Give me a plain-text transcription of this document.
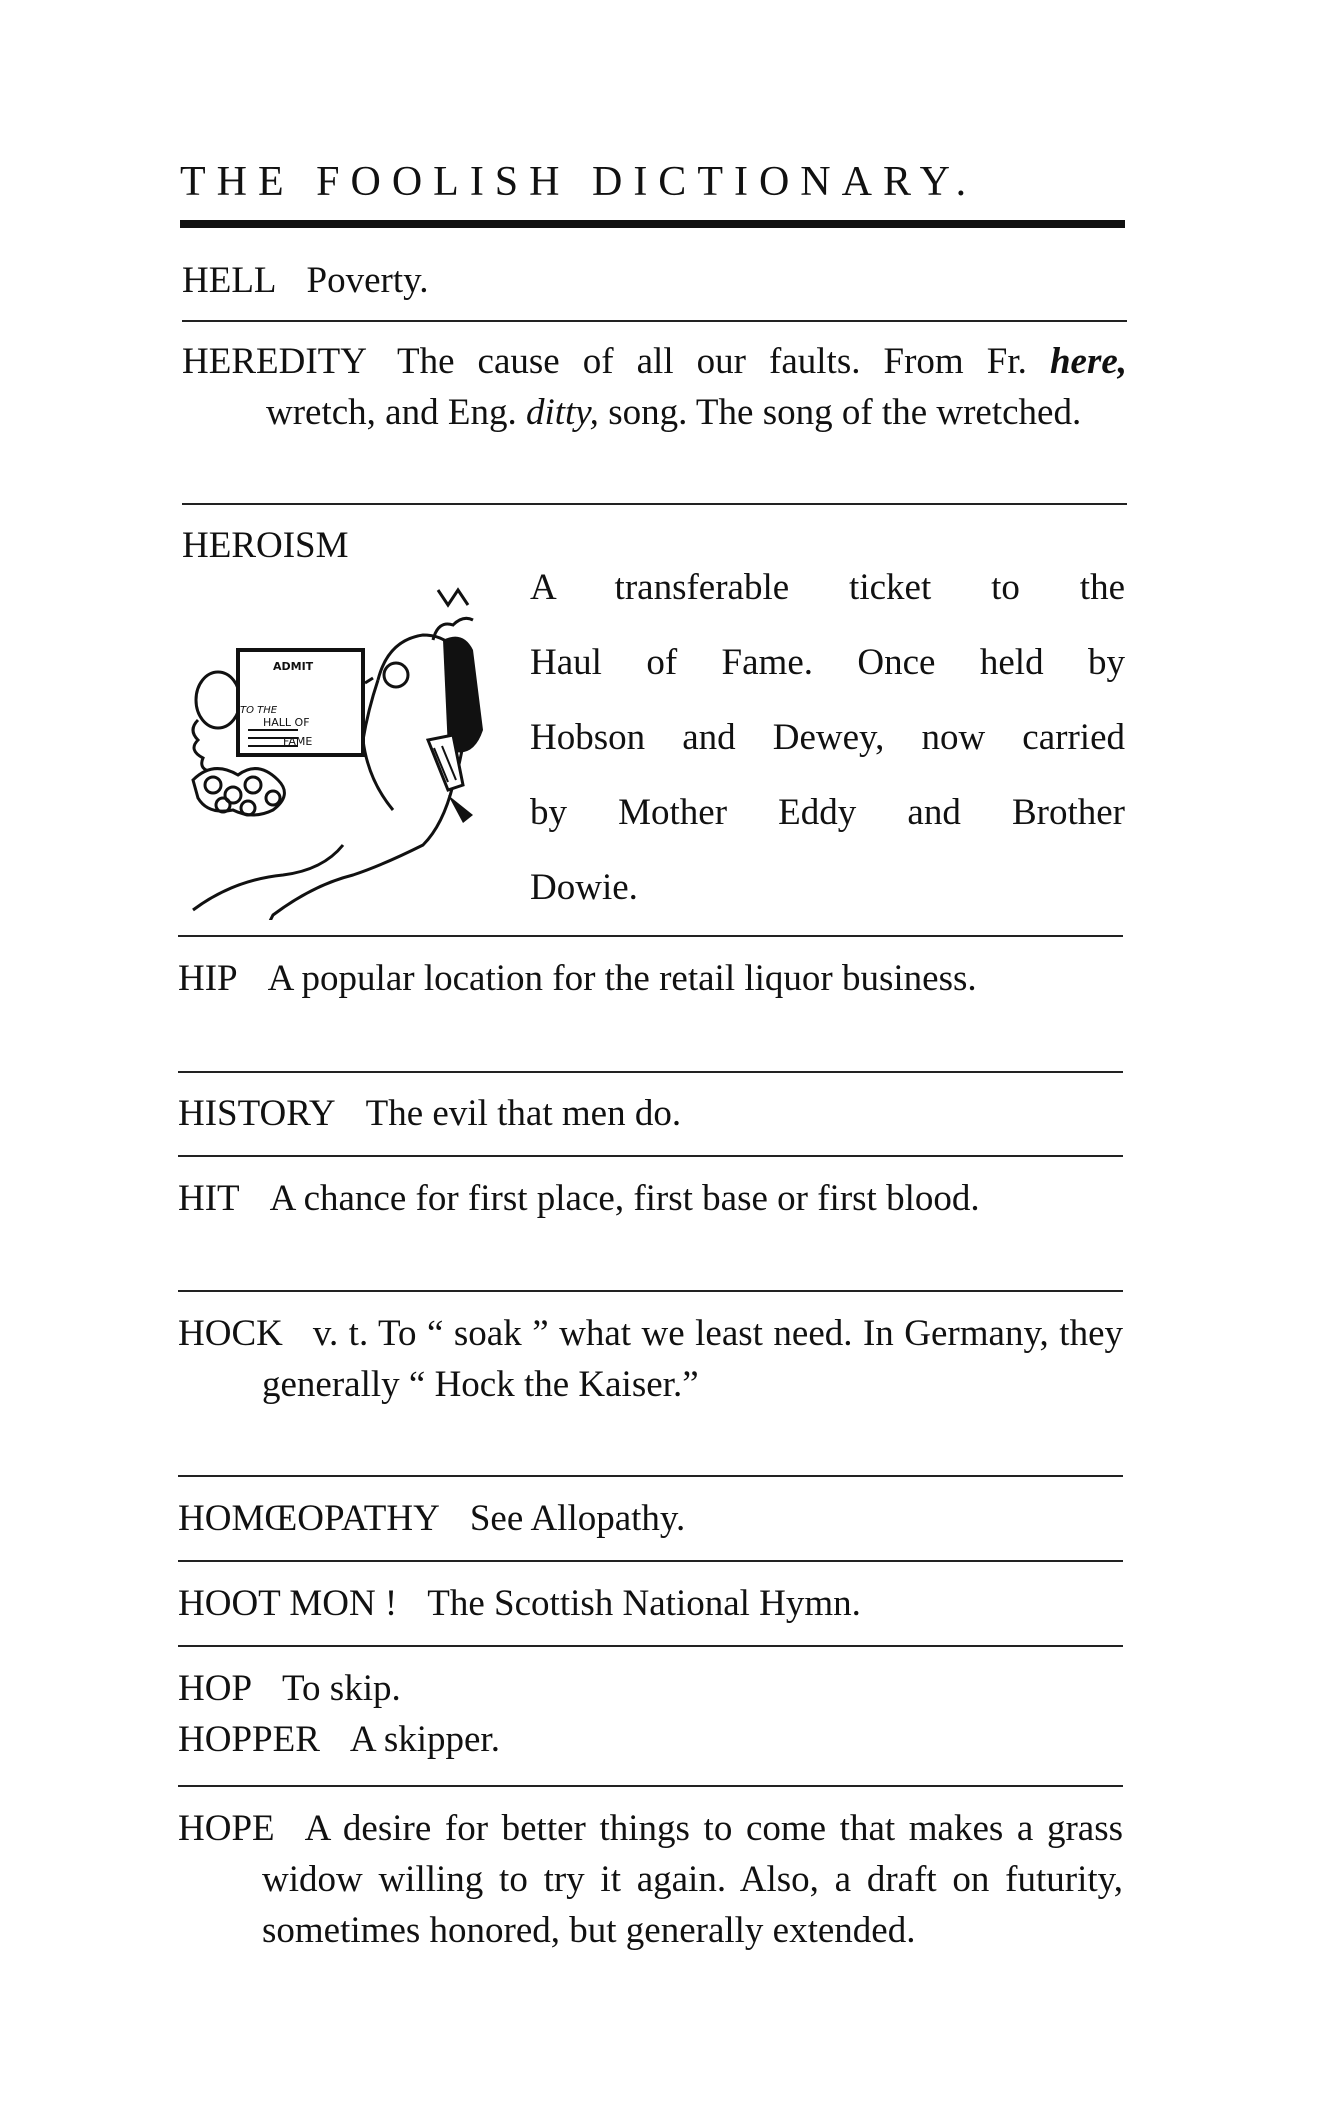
THE FOOLISH DICTIONARY.

HELL Poverty.

HEREDITY The cause of all our faults. From Fr. here, wretch, and Eng. ditty, song. The song of the wretched.

HEROISM

ADMIT
TO THE
HALL OF
FAME
A transferable ticket to the
Haul of Fame. Once held by
Hobson and Dewey, now carried
by Mother Eddy and Brother
Dowie.

HIP A popular location for the retail liquor business.

HISTORY The evil that men do.

HIT A chance for first place, first base or first blood.

HOCK v. t. To “ soak ” what we least need. In Germany, they generally “ Hock the Kaiser.”

HOMŒOPATHY See Allopathy.

HOOT MON ! The Scottish National Hymn.

HOP To skip.

HOPPER A skipper.

HOPE A desire for better things to come that makes a grass widow willing to try it again. Also, a draft on futurity, sometimes honored, but generally extended.
